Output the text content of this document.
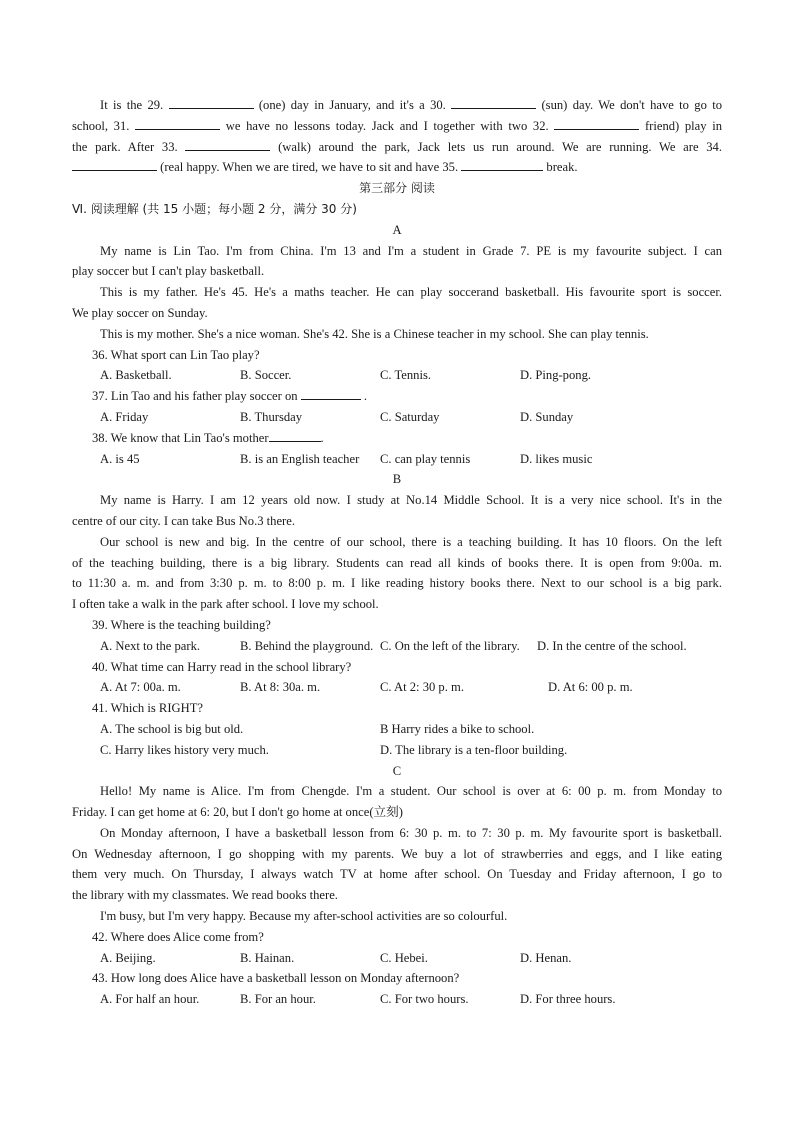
It is the 29.	(one) day in January, and it's a 30.	(sun) day. We don't have to go to
school, 31.	we have no lessons today. Jack and I together with two 32.	friend) play in
the park. After 33.	(walk) around the park, Jack lets us run around. We are running. We are 34.
(real happy. When we are tired, we have to sit and have 35.	break.
第三部分 阅读
Ⅵ. 阅读理解 (共 15 小题；每小题 2 分，满分 30 分)
A
My name is Lin Tao. I'm from China. I'm 13 and I'm a student in Grade 7. PE is my favourite subject. I can
play soccer but I can't play basketball.
This is my father. He's 45. He's a maths teacher. He can play soccerand basketball. His favourite sport is soccer.
We play soccer on Sunday.
This is my mother. She's a nice woman. She's 42. She is a Chinese teacher in my school. She can play tennis.
36. What sport can Lin Tao play?
A. Basketball.	B. Soccer.	C. Tennis.	D. Ping-pong.
37. Lin Tao and his father play soccer on	.
A. Friday	B. Thursday	C. Saturday	D. Sunday
38. We know that Lin Tao's mother	.
A. is 45	B. is an English teacher C. can play tennis	D. likes music
B
My name is Harry. I am 12 years old now. I study at No.14 Middle School. It is a very nice school. It's in the
centre of our city. I can take Bus No.3 there.
Our school is new and big. In the centre of our school, there is a teaching building. It has 10 floors. On the left
of the teaching building, there is a big library. Students can read all kinds of books there. It is open from 9:00a. m.
to 11:30 a. m. and from 3:30 p. m. to 8:00 p. m. I like reading history books there. Next to our school is a big park.
I often take a walk in the park after school. I love my school.
39. Where is the teaching building?
A. Next to the park.	B. Behind the playground. C. On the left of the library. D. In the centre of the school.
40. What time can Harry read in the school library?
A. At 7: 00a. m.	B. At 8: 30a. m.	C. At 2: 30 p. m.	D. At 6: 00 p. m.
41. Which is RIGHT?
A. The school is big but old.	B Harry rides a bike to school.
C. Harry likes history very much.	D. The library is a ten-floor building.
C
Hello! My name is Alice. I'm from Chengde. I'm a student. Our school is over at 6: 00 p. m. from Monday to
Friday. I can get home at 6: 20, but I don't go home at once(立刻)
On Monday afternoon, I have a basketball lesson from 6: 30 p. m. to 7: 30 p. m. My favourite sport is basketball.
On Wednesday afternoon, I go shopping with my parents. We buy a lot of strawberries and eggs, and I like eating
them very much. On Thursday, I always watch TV at home after school. On Tuesday and Friday afternoon, I go to
the library with my classmates. We read books there.
I'm busy, but I'm very happy. Because my after-school activities are so colourful.
42. Where does Alice come from?
A. Beijing.	B. Hainan.	C. Hebei.	D. Henan.
43. How long does Alice have a basketball lesson on Monday afternoon?
A. For half an hour.	B. For an hour.	C. For two hours.	D. For three hours.
